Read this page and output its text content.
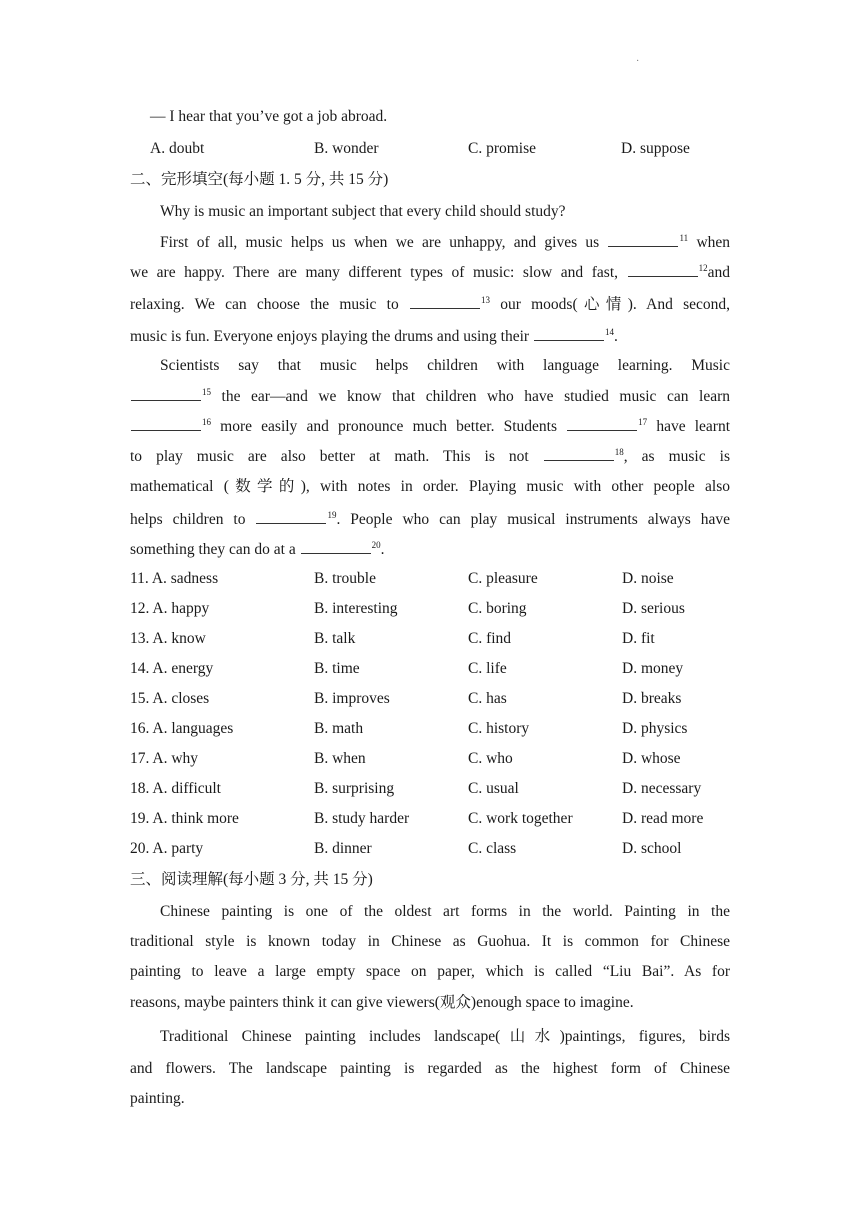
·
— I hear that you’ve got a job abroad.
A. doubt	B. wonder	C. promise	D. suppose
二、完形填空(每小题 1. 5 分, 共 15 分)
Why is music an important subject that every child should study?
First of all, music helps us when we are unhappy, and gives us	$^{11}$ when
we are happy. There are many different types of music: slow and fast,	$^{12}$and
relaxing. We can choose the music to	$^{13}$ our moods(心情). And second,
music is fun. Everyone enjoys playing the drums and using their	$^{14}$.
Scientists say that music helps children with language learning. Music
$^{15}$ the ear—and we know that children who have studied music can learn
$^{16}$ more easily and pronounce much better. Students	$^{17}$ have learnt
to play music are also better at math. This is not	$^{18}$, as music is
mathematical (数学的), with notes in order. Playing music with other people also
helps children to	$^{19}$. People who can play musical instruments always have
something they can do at a	$^{20}$.
11. A. sadness	B. trouble	C. pleasure	D. noise
12. A. happy	B. interesting	C. boring	D. serious
13. A. know	B. talk	C. find	D. fit
14. A. energy	B. time	C. life	D. money
15. A. closes	B. improves	C. has	D. breaks
16. A. languages	B. math	C. history	D. physics
17. A. why	B. when	C. who	D. whose
18. A. difficult	B. surprising	C. usual	D. necessary
19. A. think more	B. study harder	C. work together	D. read more
20. A. party	B. dinner	C. class	D. school
三、阅读理解(每小题 3 分, 共 15 分)
Chinese painting is one of the oldest art forms in the world. Painting in the
traditional style is known today in Chinese as Guohua. It is common for Chinese
painting to leave a large empty space on paper, which is called “Liu Bai”. As for
reasons, maybe painters think it can give viewers(观众)enough space to imagine.
Traditional Chinese painting includes landscape(山水)paintings, figures, birds
and flowers. The landscape painting is regarded as the highest form of Chinese
painting.
